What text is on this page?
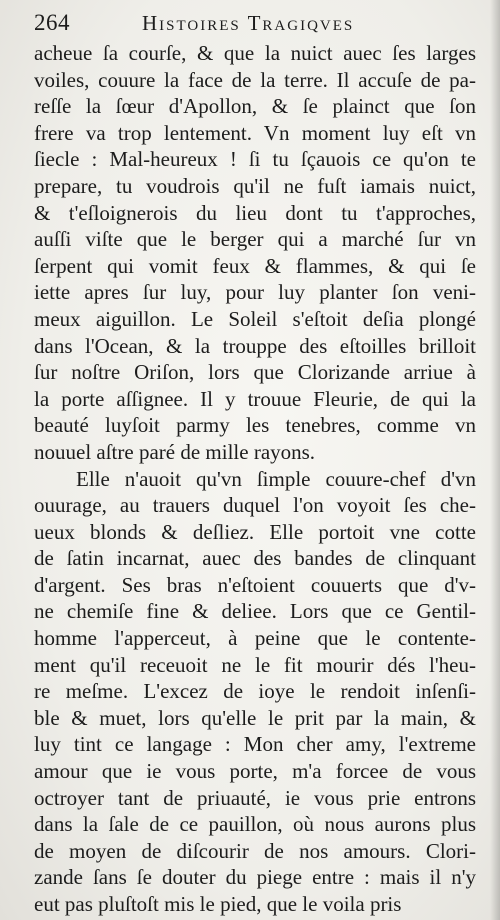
264	Histoires Tragiqves
acheue ſa courſe, & que la nuict auec ſes larges
voiles, couure la face de la terre. Il accuſe de pa-
reſſe la ſœur d'Apollon, & ſe plainct que ſon
frere va trop lentement. Vn moment luy eſt vn
ſiecle : Mal-heureux ! ſi tu ſçauois ce qu'on te
prepare, tu voudrois qu'il ne fuſt iamais nuict,
& t'eſloignerois du lieu dont tu t'approches,
auſſi viſte que le berger qui a marché ſur vn
ſerpent qui vomit feux & flammes, & qui ſe
iette apres ſur luy, pour luy planter ſon veni-
meux aiguillon. Le Soleil s'eſtoit deſia plongé
dans l'Ocean, & la trouppe des eſtoilles brilloit
ſur noſtre Oriſon, lors que Clorizande arriue à
la porte aſſignee. Il y trouue Fleurie, de qui la
beauté luyſoit parmy les tenebres, comme vn
nouuel aſtre paré de mille rayons.
Elle n'auoit qu'vn ſimple couure-chef d'vn
ouurage, au trauers duquel l'on voyoit ſes che-
ueux blonds & deſliez. Elle portoit vne cotte
de ſatin incarnat, auec des bandes de clinquant
d'argent. Ses bras n'eſtoient couuerts que d'v-
ne chemiſe fine & deliee. Lors que ce Gentil-
homme l'apperceut, à peine que le contente-
ment qu'il receuoit ne le fit mourir dés l'heu-
re meſme. L'excez de ioye le rendoit inſenſi-
ble & muet, lors qu'elle le prit par la main, &
luy tint ce langage : Mon cher amy, l'extreme
amour que ie vous porte, m'a forcee de vous
octroyer tant de priuauté, ie vous prie entrons
dans la ſale de ce pauillon, où nous aurons plus
de moyen de diſcourir de nos amours. Clori-
zande ſans ſe douter du piege entre : mais il n'y
eut pas pluſtoſt mis le pied, que le voila pris
